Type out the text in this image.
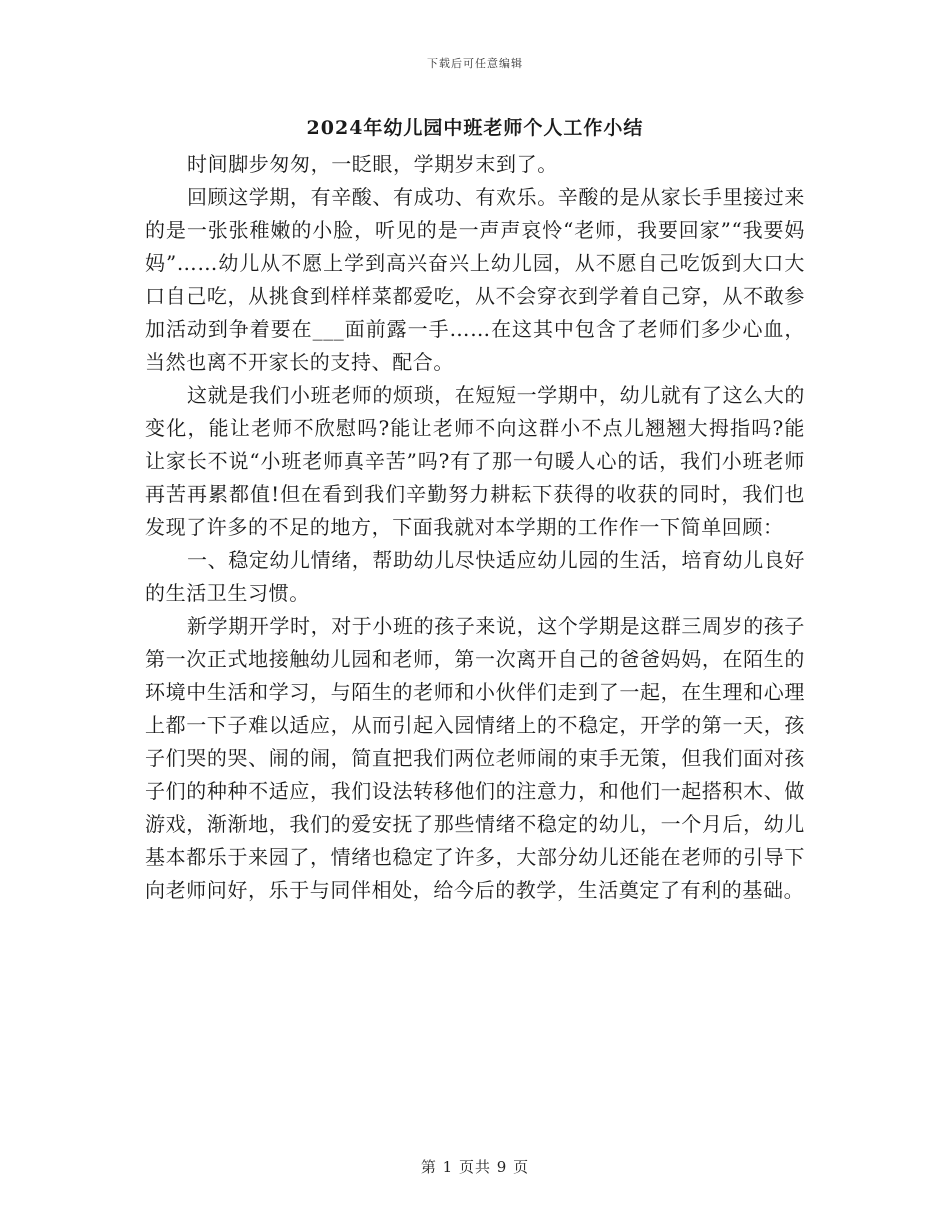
下载后可任意编辑
2024年幼儿园中班老师个人工作小结

时间脚步匆匆，一眨眼，学期岁末到了。

回顾这学期，有辛酸、有成功、有欢乐。辛酸的是从家长手里接过来的是一张张稚嫩的小脸，听见的是一声声哀怜“老师，我要回家”“我要妈妈”……幼儿从不愿上学到高兴奋兴上幼儿园，从不愿自己吃饭到大口大口自己吃，从挑食到样样菜都爱吃，从不会穿衣到学着自己穿，从不敢参加活动到争着要在___面前露一手……在这其中包含了老师们多少心血，当然也离不开家长的支持、配合。

这就是我们小班老师的烦琐，在短短一学期中，幼儿就有了这么大的变化，能让老师不欣慰吗?能让老师不向这群小不点儿翘翘大拇指吗?能让家长不说“小班老师真辛苦”吗?有了那一句暖人心的话，我们小班老师再苦再累都值!但在看到我们辛勤努力耕耘下获得的收获的同时，我们也发现了许多的不足的地方，下面我就对本学期的工作作一下简单回顾：

一、稳定幼儿情绪，帮助幼儿尽快适应幼儿园的生活，培育幼儿良好的生活卫生习惯。

新学期开学时，对于小班的孩子来说，这个学期是这群三周岁的孩子第一次正式地接触幼儿园和老师，第一次离开自己的爸爸妈妈，在陌生的环境中生活和学习，与陌生的老师和小伙伴们走到了一起，在生理和心理上都一下子难以适应，从而引起入园情绪上的不稳定，开学的第一天，孩子们哭的哭、闹的闹，简直把我们两位老师闹的束手无策，但我们面对孩子们的种种不适应，我们设法转移他们的注意力，和他们一起搭积木、做游戏，渐渐地，我们的爱安抚了那些情绪不稳定的幼儿，一个月后，幼儿基本都乐于来园了，情绪也稳定了许多，大部分幼儿还能在老师的引导下向老师问好，乐于与同伴相处，给今后的教学，生活奠定了有利的基础。

第 1 页共 9 页
